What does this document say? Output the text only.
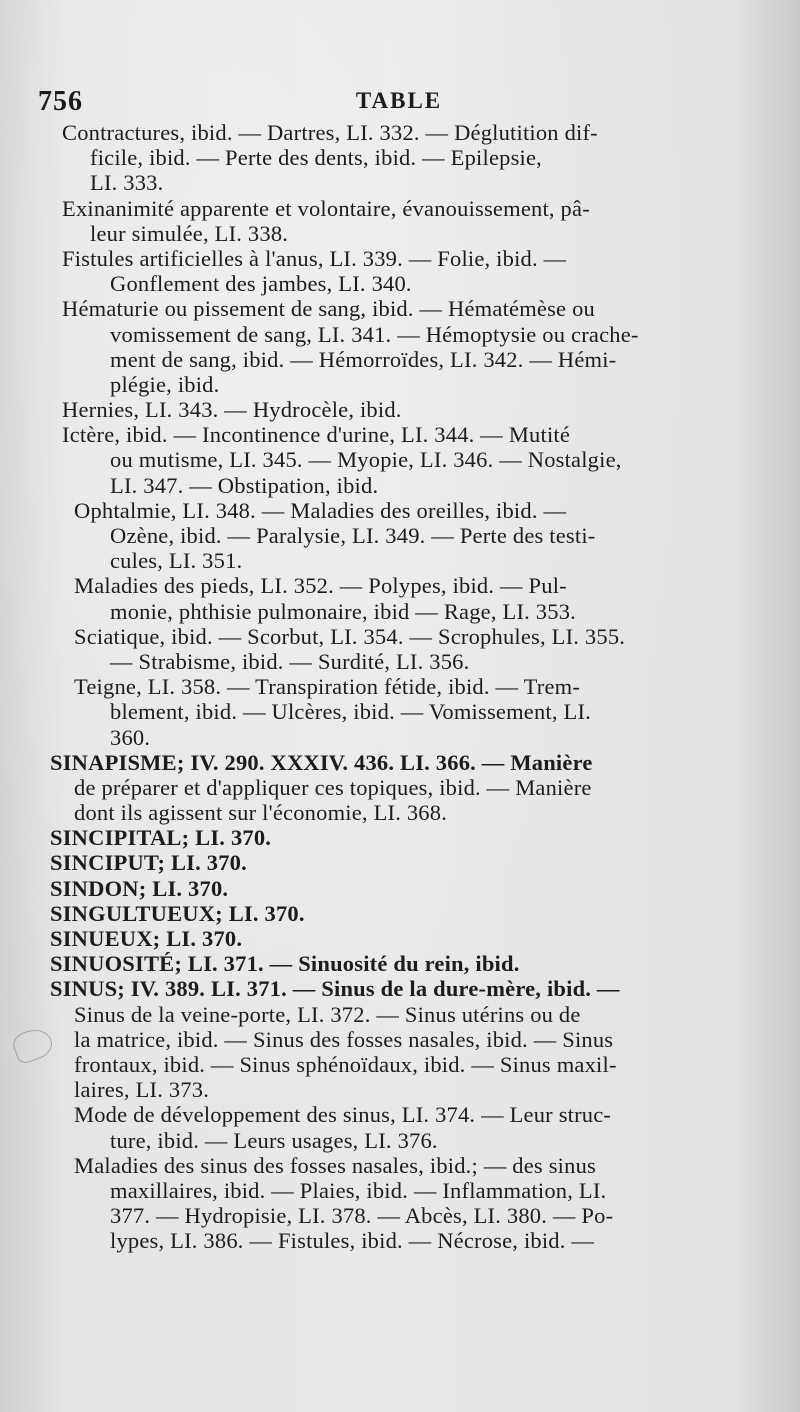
756	TABLE
Contractures, ibid. — Dartres, LI. 332. — Déglutition dif-
ficile, ibid. — Perte des dents, ibid. — Epilepsie,
LI. 333.
Exinanimité apparente et volontaire, évanouissement, pâ-
leur simulée, LI. 338.
Fistules artificielles à l'anus, LI. 339. — Folie, ibid. —
Gonflement des jambes, LI. 340.
Hématurie ou pissement de sang, ibid. — Hématémèse ou
vomissement de sang, LI. 341. — Hémoptysie ou crache-
ment de sang, ibid. — Hémorroïdes, LI. 342. — Hémi-
plégie, ibid.
Hernies, LI. 343. — Hydrocèle, ibid.
Ictère, ibid. — Incontinence d'urine, LI. 344. — Mutité
ou mutisme, LI. 345. — Myopie, LI. 346. — Nostalgie,
LI. 347. — Obstipation, ibid.
Ophtalmie, LI. 348. — Maladies des oreilles, ibid. —
Ozène, ibid. — Paralysie, LI. 349. — Perte des testi-
cules, LI. 351.
Maladies des pieds, LI. 352. — Polypes, ibid. — Pul-
monie, phthisie pulmonaire, ibid — Rage, LI. 353.
Sciatique, ibid. — Scorbut, LI. 354. — Scrophules, LI. 355.
— Strabisme, ibid. — Surdité, LI. 356.
Teigne, LI. 358. — Transpiration fétide, ibid. — Trem-
blement, ibid. — Ulcères, ibid. — Vomissement, LI.
360.
SINAPISME; IV. 290. XXXIV. 436. LI. 366. — Manière
de préparer et d'appliquer ces topiques, ibid. — Manière
dont ils agissent sur l'économie, LI. 368.
SINCIPITAL; LI. 370.
SINCIPUT; LI. 370.
SINDON; LI. 370.
SINGULTUEUX; LI. 370.
SINUEUX; LI. 370.
SINUOSITÉ; LI. 371. — Sinuosité du rein, ibid.
SINUS; IV. 389. LI. 371. — Sinus de la dure-mère, ibid. —
Sinus de la veine-porte, LI. 372. — Sinus utérins ou de
la matrice, ibid. — Sinus des fosses nasales, ibid. — Sinus
frontaux, ibid. — Sinus sphénoïdaux, ibid. — Sinus maxil-
laires, LI. 373.
Mode de développement des sinus, LI. 374. — Leur struc-
ture, ibid. — Leurs usages, LI. 376.
Maladies des sinus des fosses nasales, ibid.; — des sinus
maxillaires, ibid. — Plaies, ibid. — Inflammation, LI.
377. — Hydropisie, LI. 378. — Abcès, LI. 380. — Po-
lypes, LI. 386. — Fistules, ibid. — Nécrose, ibid. —
